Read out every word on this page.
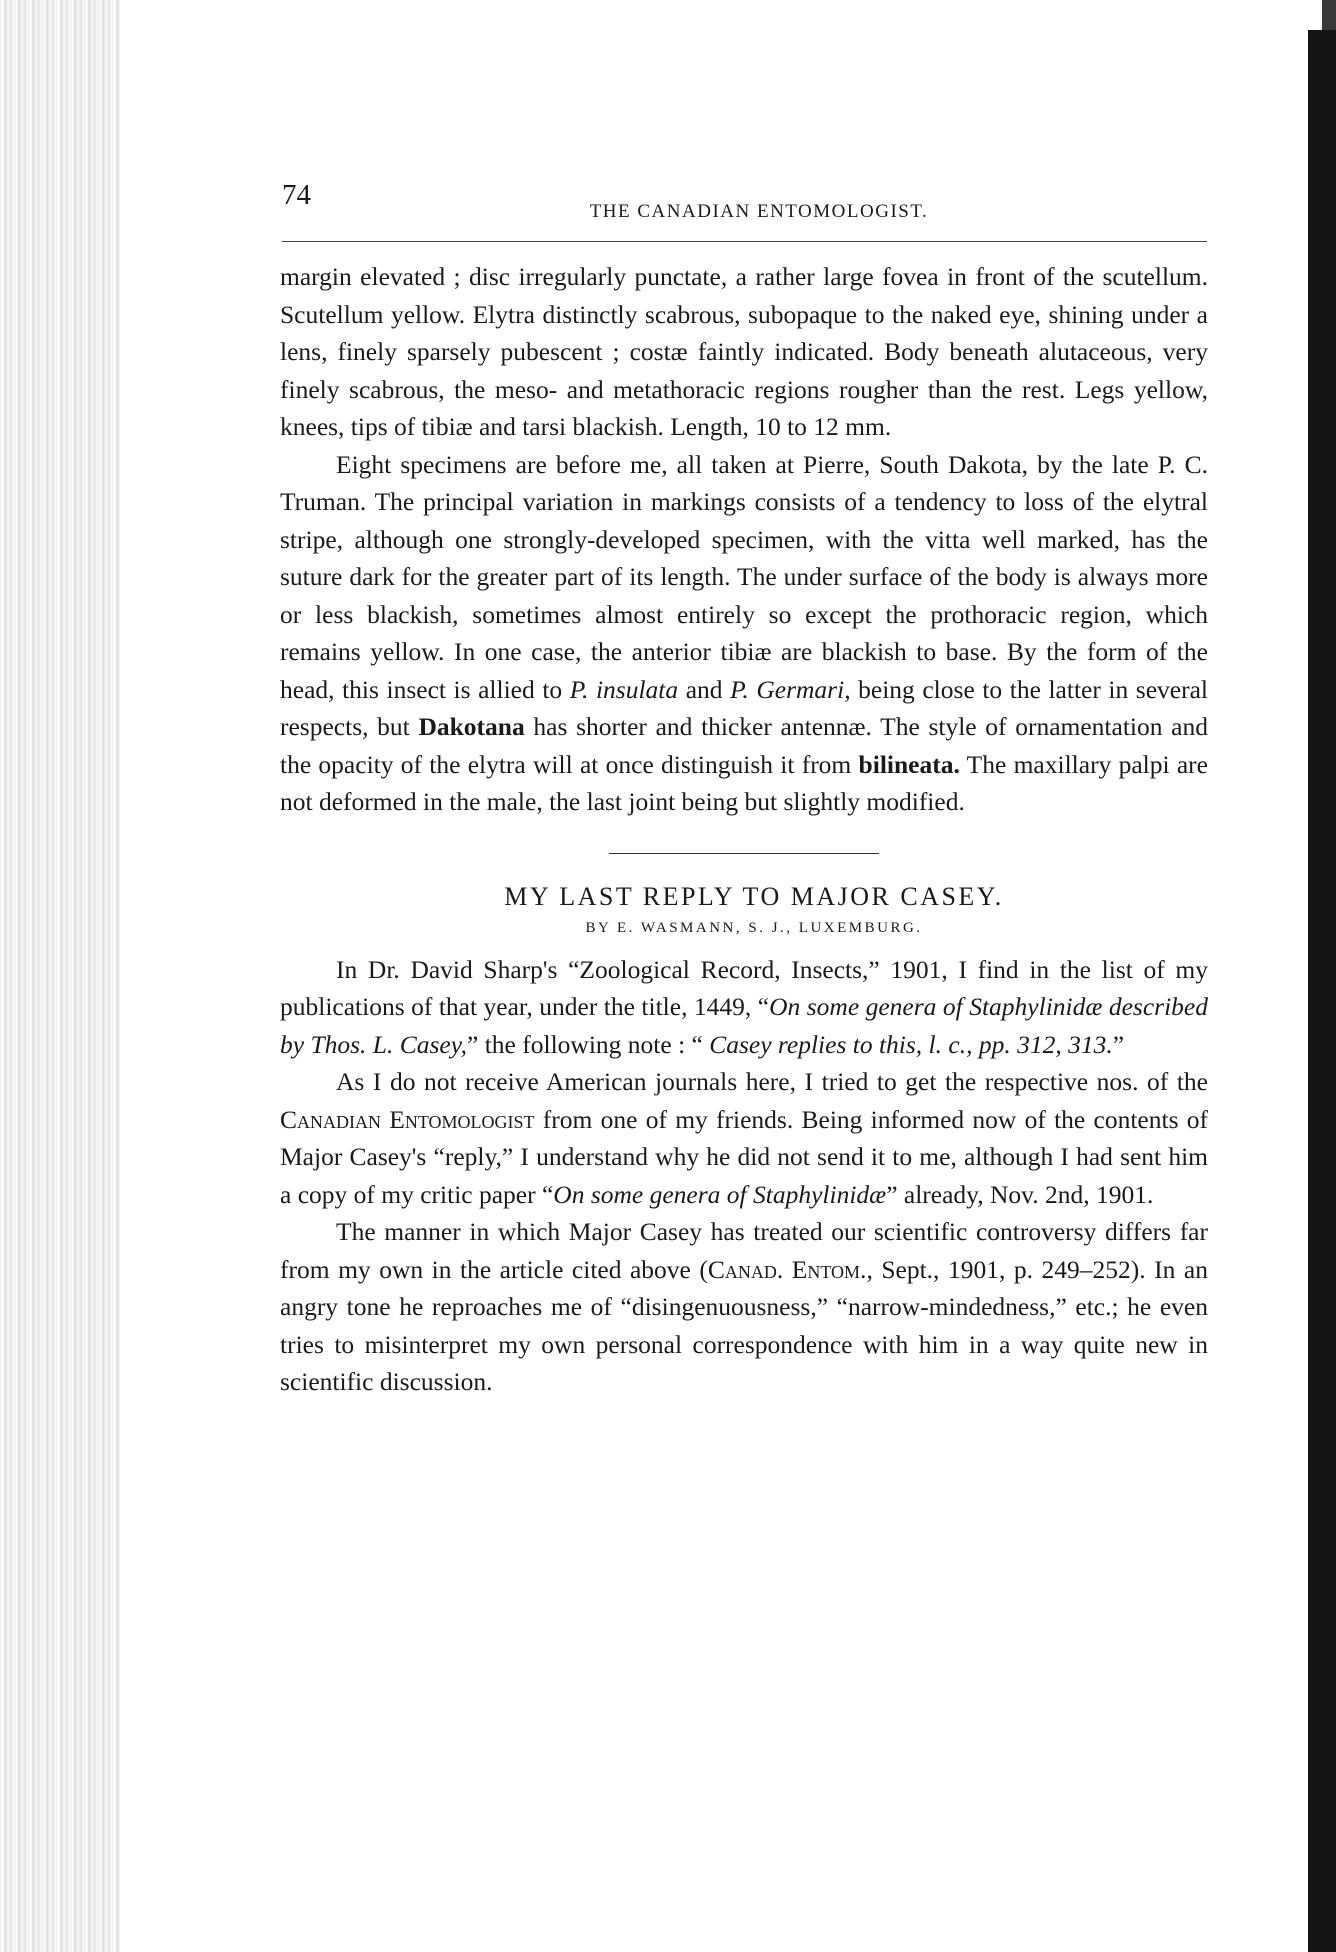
74
THE CANADIAN ENTOMOLOGIST.

margin elevated ; disc irregularly punctate, a rather large fovea in front of the scutellum. Scutellum yellow. Elytra distinctly scabrous, subopaque to the naked eye, shining under a lens, finely sparsely pubescent ; costæ faintly indicated. Body beneath alutaceous, very finely scabrous, the meso- and metathoracic regions rougher than the rest. Legs yellow, knees, tips of tibiæ and tarsi blackish. Length, 10 to 12 mm.

Eight specimens are before me, all taken at Pierre, South Dakota, by the late P. C. Truman. The principal variation in markings consists of a tendency to loss of the elytral stripe, although one strongly-developed specimen, with the vitta well marked, has the suture dark for the greater part of its length. The under surface of the body is always more or less blackish, sometimes almost entirely so except the prothoracic region, which remains yellow. In one case, the anterior tibiæ are blackish to base. By the form of the head, this insect is allied to P. insulata and P. Germari, being close to the latter in several respects, but Dakotana has shorter and thicker antennæ. The style of ornamentation and the opacity of the elytra will at once distinguish it from bilineata. The maxillary palpi are not deformed in the male, the last joint being but slightly modified.

MY LAST REPLY TO MAJOR CASEY.
BY E. WASMANN, S. J., LUXEMBURG.

In Dr. David Sharp's “Zoological Record, Insects,” 1901, I find in the list of my publications of that year, under the title, 1449, “On some genera of Staphylinidæ described by Thos. L. Casey,” the following note : “ Casey replies to this, l. c., pp. 312, 313.”

As I do not receive American journals here, I tried to get the respective nos. of the Canadian Entomologist from one of my friends. Being informed now of the contents of Major Casey's “reply,” I understand why he did not send it to me, although I had sent him a copy of my critic paper “On some genera of Staphylinidæ” already, Nov. 2nd, 1901.

The manner in which Major Casey has treated our scientific controversy differs far from my own in the article cited above (Canad. Entom., Sept., 1901, p. 249–252). In an angry tone he reproaches me of “disingenuousness,” “narrow-mindedness,” etc.; he even tries to misinterpret my own personal correspondence with him in a way quite new in scientific discussion.
